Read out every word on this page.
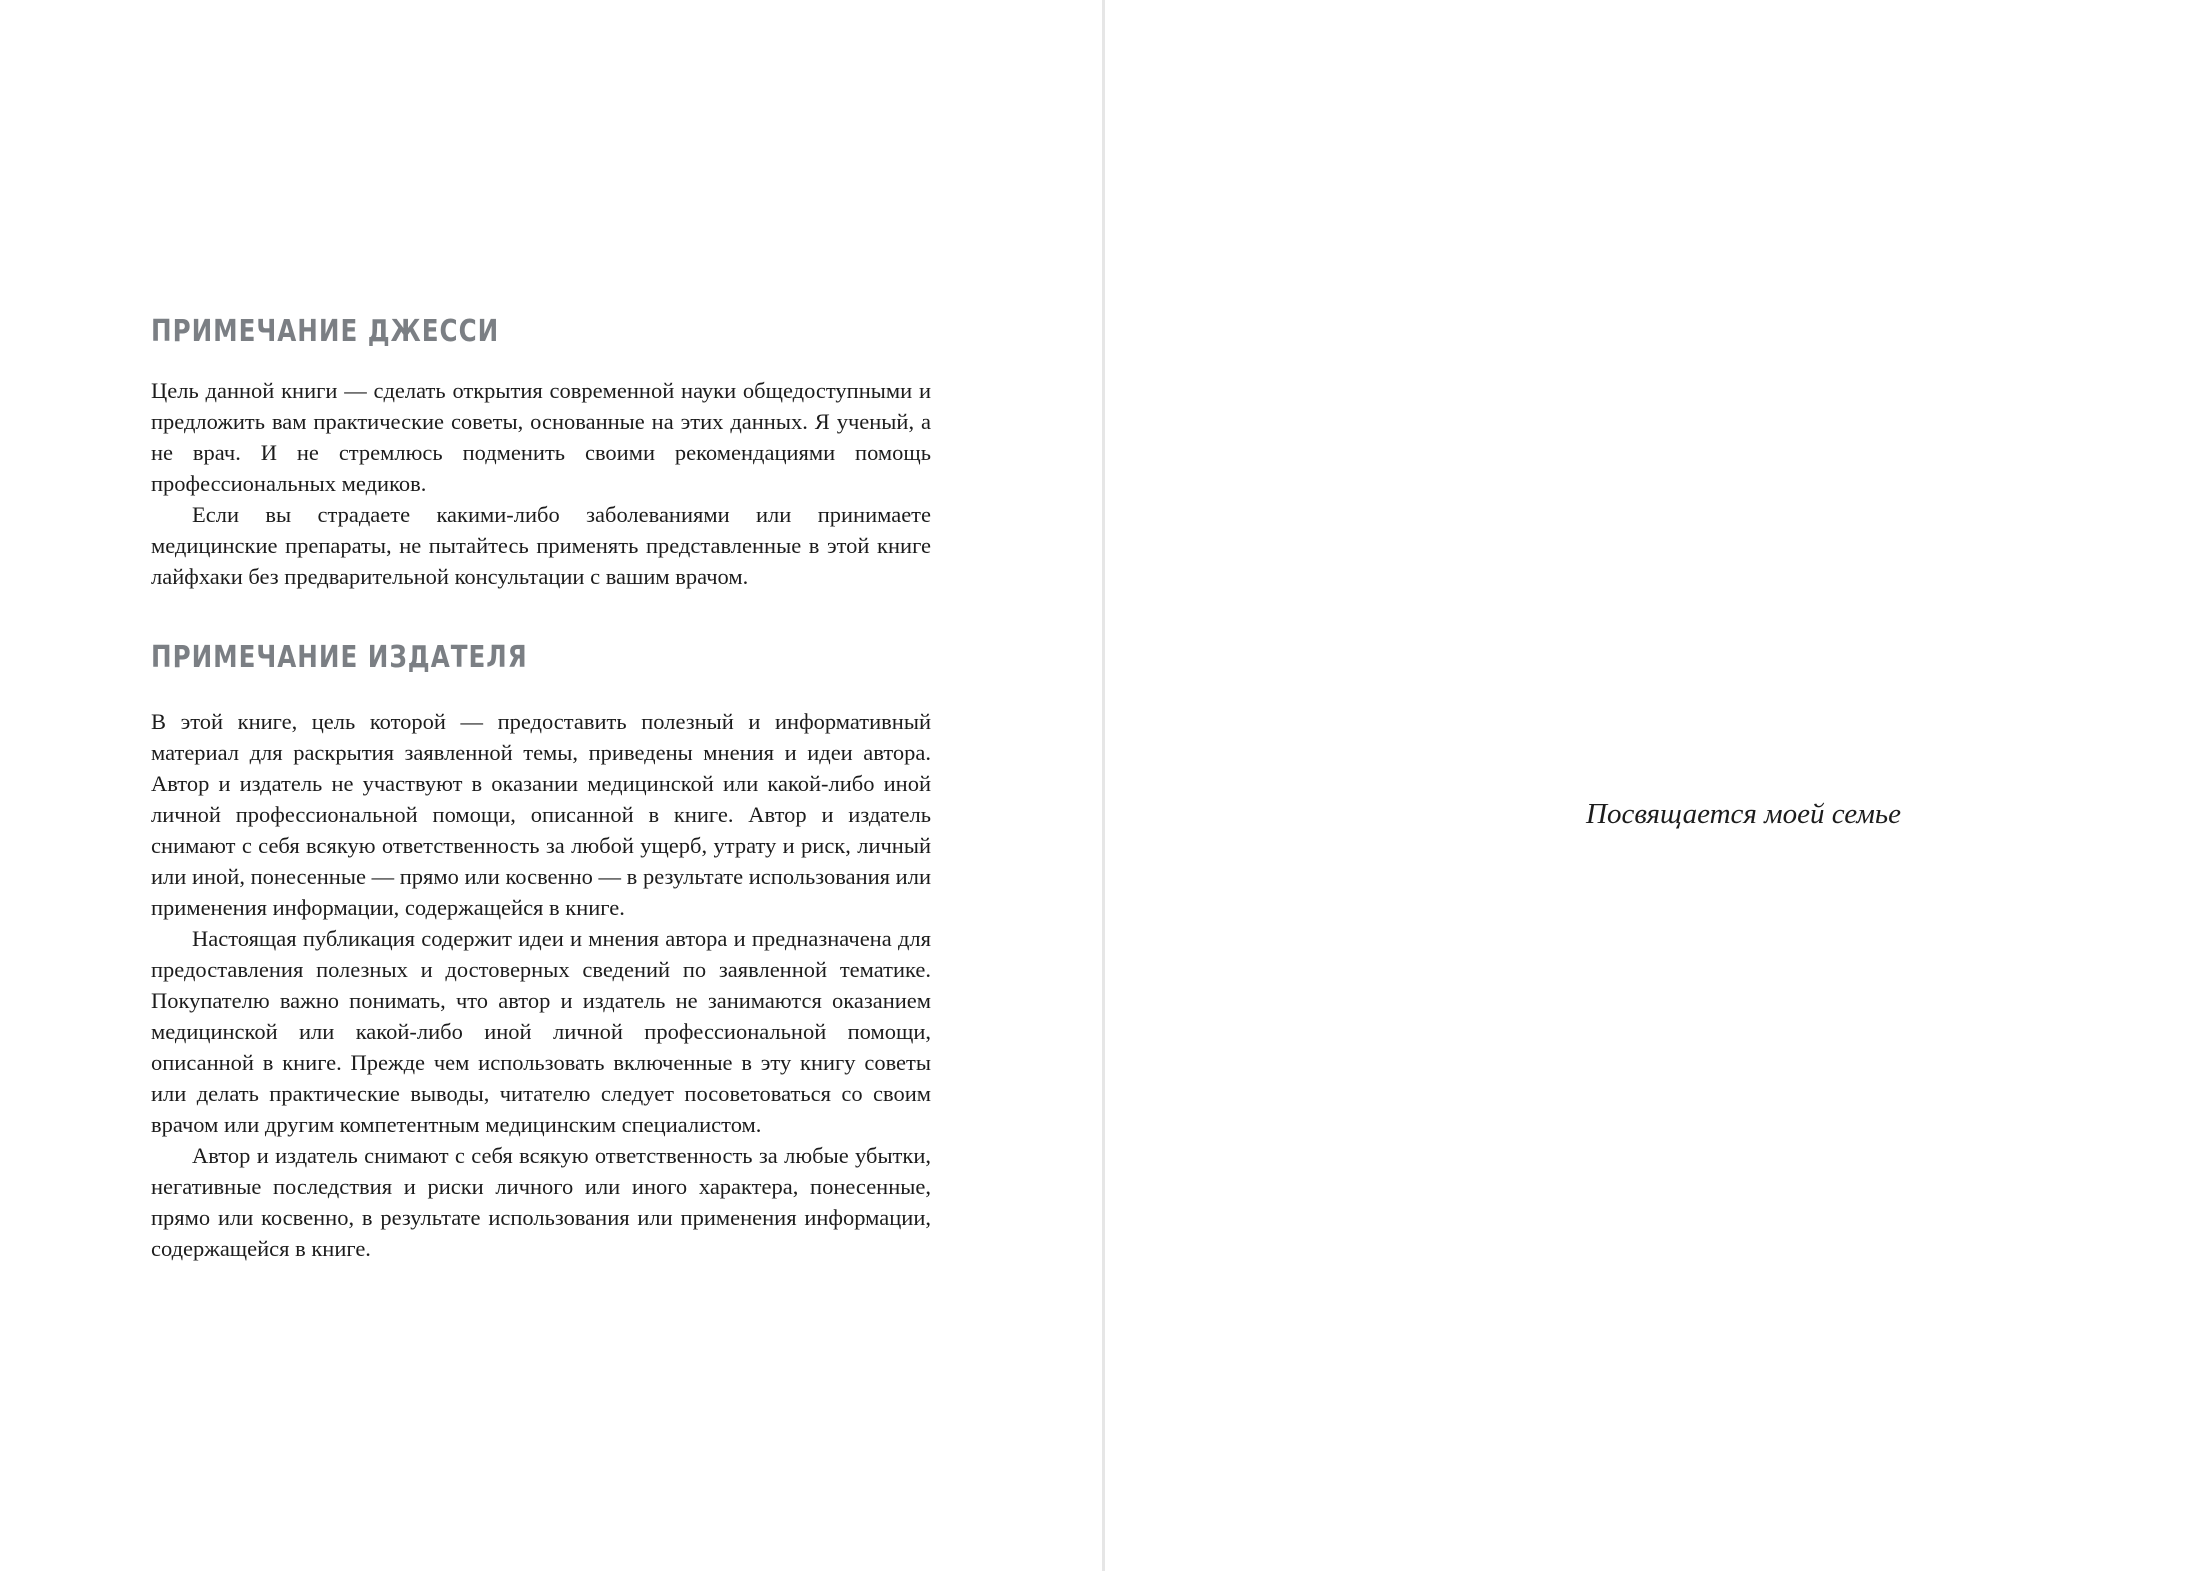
ПРИМЕЧАНИЕ ДЖЕССИ

Цель данной книги — сделать открытия современной науки общедоступными и предложить вам практические советы, основанные на этих данных. Я ученый, а не врач. И не стремлюсь подменить своими рекомендациями помощь профессиональных медиков.

Если вы страдаете какими-либо заболеваниями или принимаете медицинские препараты, не пытайтесь применять представленные в этой книге лайфхаки без предварительной консультации с вашим врачом.

ПРИМЕЧАНИЕ ИЗДАТЕЛЯ

В этой книге, цель которой — предоставить полезный и информативный материал для раскрытия заявленной темы, приведены мнения и идеи автора. Автор и издатель не участвуют в оказании медицинской или какой-либо иной личной профессиональной помощи, описанной в книге. Автор и издатель снимают с себя всякую ответственность за любой ущерб, утрату и риск, личный или иной, понесенные — прямо или косвенно — в результате использования или применения информации, содержащейся в книге.

Настоящая публикация содержит идеи и мнения автора и предназначена для предоставления полезных и достоверных сведений по заявленной тематике. Покупателю важно понимать, что автор и издатель не занимаются оказанием медицинской или какой-либо иной личной профессиональной помощи, описанной в книге. Прежде чем использовать включенные в эту книгу советы или делать практические выводы, читателю следует посоветоваться со своим врачом или другим компетентным медицинским специалистом.

Автор и издатель снимают с себя всякую ответственность за любые убытки, негативные последствия и риски личного или иного характера, понесенные, прямо или косвенно, в результате использования или применения информации, содержащейся в книге.

Посвящается моей семье
